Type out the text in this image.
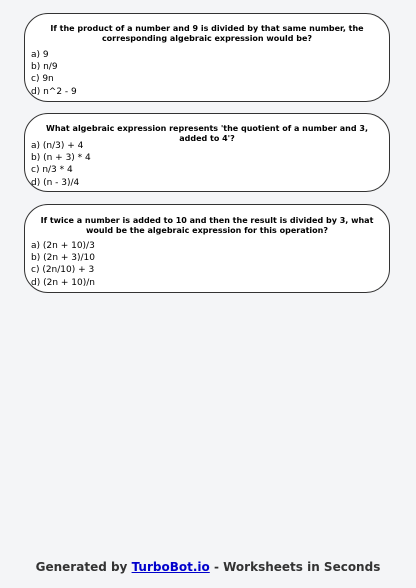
If the product of a number and 9 is divided by that same number, the corresponding algebraic expression would be?
a) 9
b) n/9
c) 9n
d) n^2 - 9
What algebraic expression represents 'the quotient of a number and 3, added to 4'?
a) (n/3) + 4
b) (n + 3) * 4
c) n/3 * 4
d) (n - 3)/4
If twice a number is added to 10 and then the result is divided by 3, what would be the algebraic expression for this operation?
a) (2n + 10)/3
b) (2n + 3)/10
c) (2n/10) + 3
d) (2n + 10)/n
Generated by TurboBot.io - Worksheets in Seconds
